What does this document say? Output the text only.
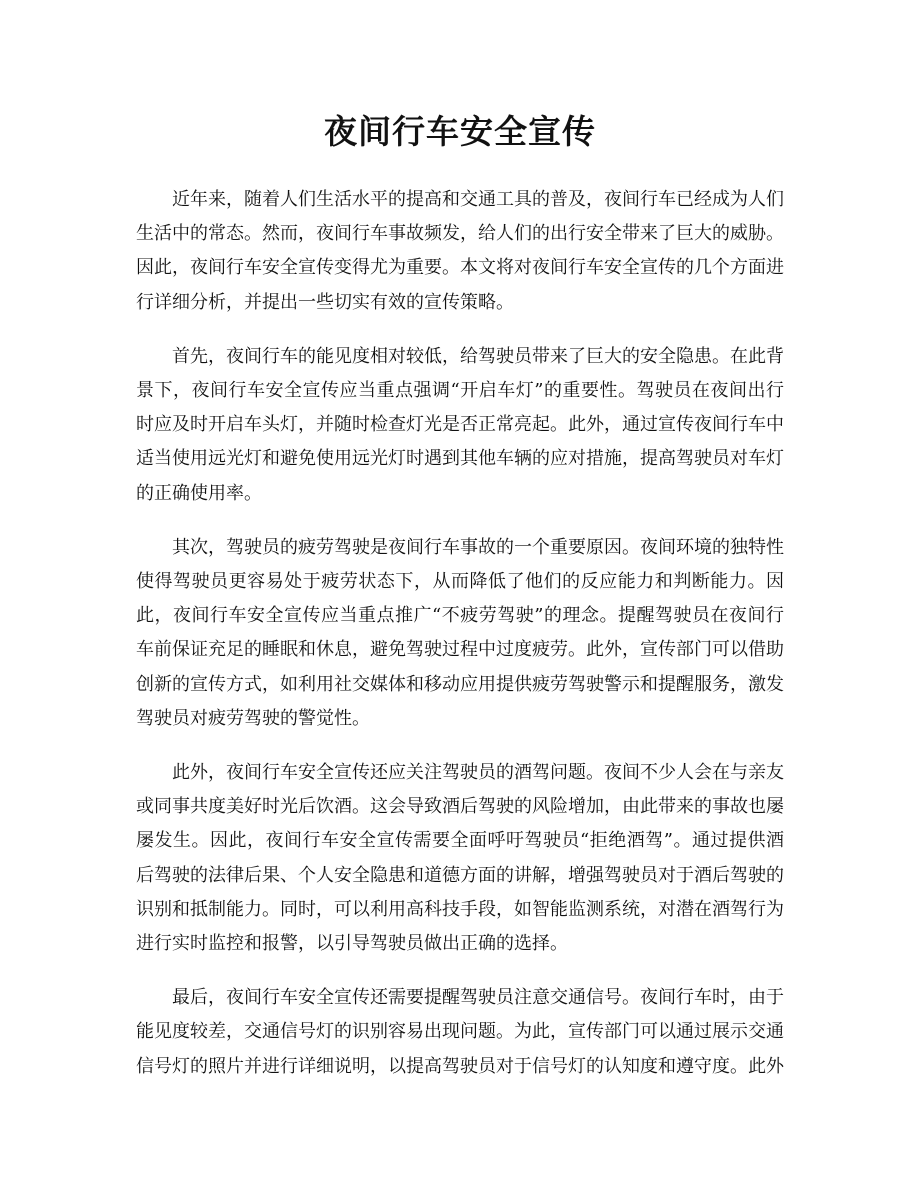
夜间行车安全宣传

近年来，随着人们生活水平的提高和交通工具的普及，夜间行车已经成为人们生活中的常态。然而，夜间行车事故频发，给人们的出行安全带来了巨大的威胁。因此，夜间行车安全宣传变得尤为重要。本文将对夜间行车安全宣传的几个方面进行详细分析，并提出一些切实有效的宣传策略。

首先，夜间行车的能见度相对较低，给驾驶员带来了巨大的安全隐患。在此背景下，夜间行车安全宣传应当重点强调“开启车灯”的重要性。驾驶员在夜间出行时应及时开启车头灯，并随时检查灯光是否正常亮起。此外，通过宣传夜间行车中适当使用远光灯和避免使用远光灯时遇到其他车辆的应对措施，提高驾驶员对车灯的正确使用率。

其次，驾驶员的疲劳驾驶是夜间行车事故的一个重要原因。夜间环境的独特性使得驾驶员更容易处于疲劳状态下，从而降低了他们的反应能力和判断能力。因此，夜间行车安全宣传应当重点推广“不疲劳驾驶”的理念。提醒驾驶员在夜间行车前保证充足的睡眠和休息，避免驾驶过程中过度疲劳。此外，宣传部门可以借助创新的宣传方式，如利用社交媒体和移动应用提供疲劳驾驶警示和提醒服务，激发驾驶员对疲劳驾驶的警觉性。

此外，夜间行车安全宣传还应关注驾驶员的酒驾问题。夜间不少人会在与亲友或同事共度美好时光后饮酒。这会导致酒后驾驶的风险增加，由此带来的事故也屡屡发生。因此，夜间行车安全宣传需要全面呼吁驾驶员“拒绝酒驾”。通过提供酒后驾驶的法律后果、个人安全隐患和道德方面的讲解，增强驾驶员对于酒后驾驶的识别和抵制能力。同时，可以利用高科技手段，如智能监测系统，对潜在酒驾行为进行实时监控和报警，以引导驾驶员做出正确的选择。

最后，夜间行车安全宣传还需要提醒驾驶员注意交通信号。夜间行车时，由于能见度较差，交通信号灯的识别容易出现问题。为此，宣传部门可以通过展示交通信号灯的照片并进行详细说明，以提高驾驶员对于信号灯的认知度和遵守度。此外
